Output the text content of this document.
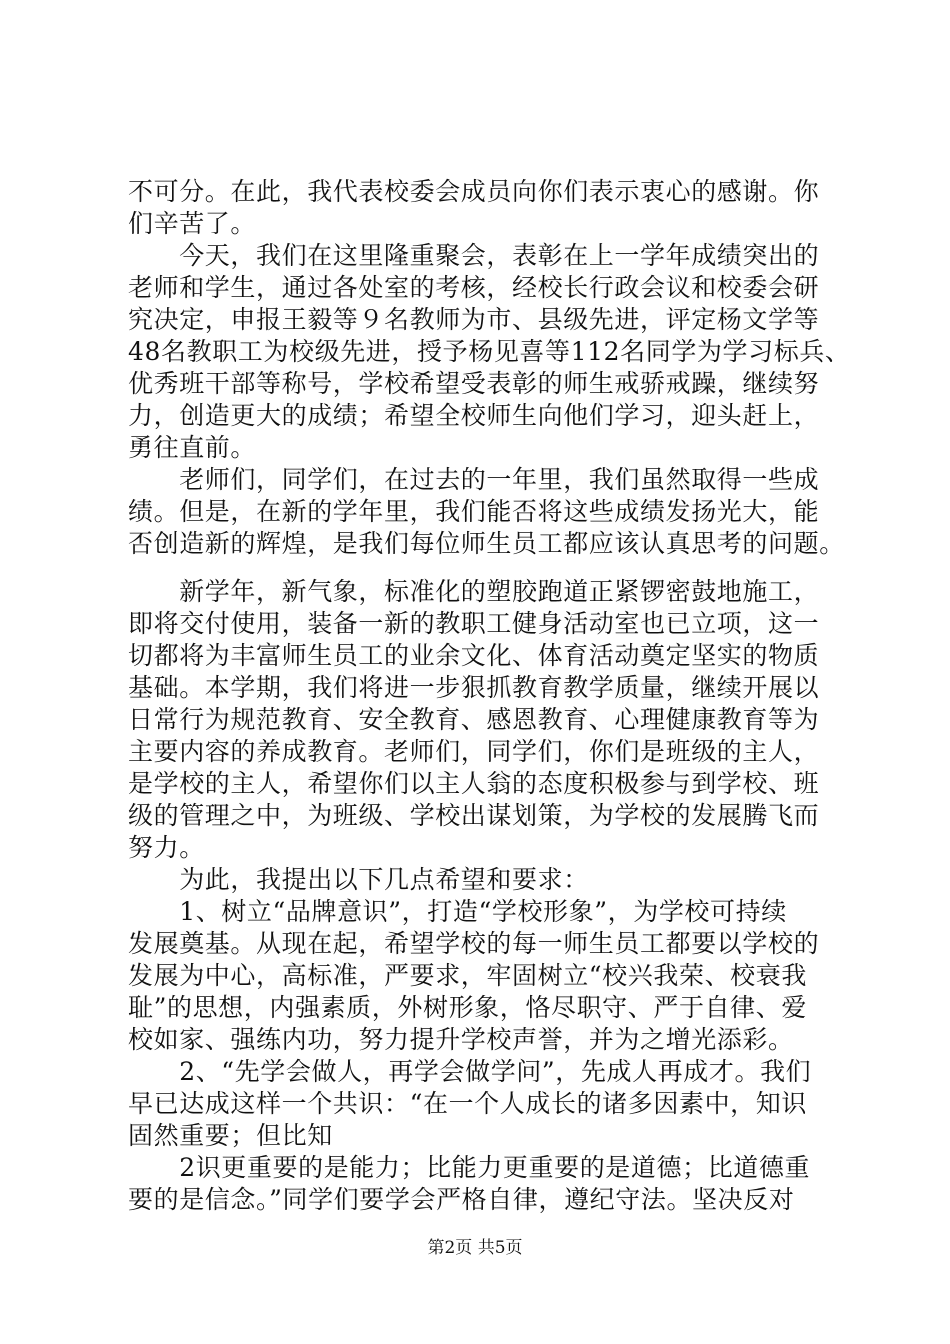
不可分。在此，我代表校委会成员向你们表示衷心的感谢。你
们辛苦了。
　　今天，我们在这里隆重聚会，表彰在上一学年成绩突出的
老师和学生，通过各处室的考核，经校长行政会议和校委会研
究决定，申报王毅等９名教师为市、县级先进，评定杨文学等
48名教职工为校级先进，授予杨见喜等112名同学为学习标兵、
优秀班干部等称号，学校希望受表彰的师生戒骄戒躁，继续努
力，创造更大的成绩；希望全校师生向他们学习，迎头赶上，
勇往直前。
　　老师们，同学们，在过去的一年里，我们虽然取得一些成
绩。但是，在新的学年里，我们能否将这些成绩发扬光大，能
否创造新的辉煌，是我们每位师生员工都应该认真思考的问题。
　　新学年，新气象，标准化的塑胶跑道正紧锣密鼓地施工，
即将交付使用，装备一新的教职工健身活动室也已立项，这一
切都将为丰富师生员工的业余文化、体育活动奠定坚实的物质
基础。本学期，我们将进一步狠抓教育教学质量，继续开展以
日常行为规范教育、安全教育、感恩教育、心理健康教育等为
主要内容的养成教育。老师们，同学们，你们是班级的主人，
是学校的主人，希望你们以主人翁的态度积极参与到学校、班
级的管理之中，为班级、学校出谋划策，为学校的发展腾飞而
努力。
　　为此，我提出以下几点希望和要求：
　　1、树立“品牌意识”，打造“学校形象”，为学校可持续
发展奠基。从现在起，希望学校的每一师生员工都要以学校的
发展为中心，高标准，严要求，牢固树立“校兴我荣、校衰我
耻”的思想，内强素质，外树形象，恪尽职守、严于自律、爱
校如家、强练内功，努力提升学校声誉，并为之增光添彩。
　　2、“先学会做人，再学会做学问”，先成人再成才。我们
早已达成这样一个共识：“在一个人成长的诸多因素中，知识
固然重要；但比知
　　2识更重要的是能力；比能力更重要的是道德；比道德重
要的是信念。”同学们要学会严格自律，遵纪守法。坚决反对
第2页 共5页
